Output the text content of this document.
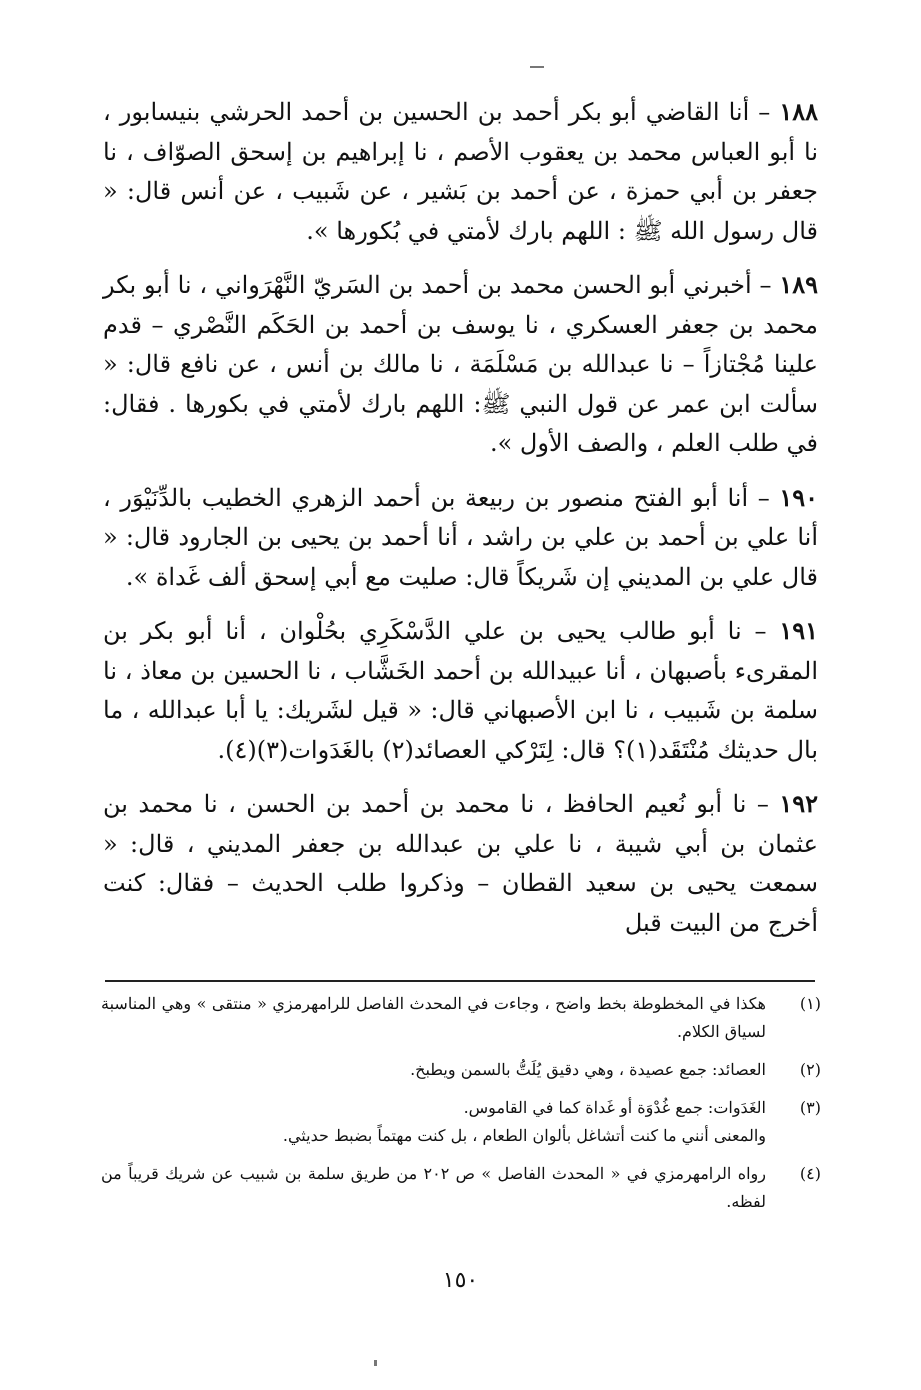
١٨٨ – أنا القاضي أبو بكر أحمد بن الحسين بن أحمد الحرشي بنيسابور ، نا أبو العباس محمد بن يعقوب الأصم ، نا إبراهيم بن إسحق الصوّاف ، نا جعفر بن أبي حمزة ، عن أحمد بن بَشير ، عن شَبيب ، عن أنس قال: « قال رسول الله ﷺ : اللهم بارك لأمتي في بُكورها ».

١٨٩ – أخبرني أبو الحسن محمد بن أحمد بن السَريّ النَّهْرَواني ، نا أبو بكر محمد بن جعفر العسكري ، نا يوسف بن أحمد بن الحَكَم النَّصْري – قدم علينا مُجْتازاً – نا عبدالله بن مَسْلَمَة ، نا مالك بن أنس ، عن نافع قال: « سألت ابن عمر عن قول النبي ﷺ: اللهم بارك لأمتي في بكورها . فقال: في طلب العلم ، والصف الأول ».

١٩٠ – أنا أبو الفتح منصور بن ربيعة بن أحمد الزهري الخطيب بالدِّنَيْوَر ، أنا علي بن أحمد بن علي بن راشد ، أنا أحمد بن يحيى بن الجارود قال: « قال علي بن المديني إن شَريكاً قال: صليت مع أبي إسحق ألف غَداة ».

١٩١ – نا أبو طالب يحيى بن علي الدَّسْكَرِي بحُلْوان ، أنا أبو بكر بن المقرىء بأصبهان ، أنا عبيدالله بن أحمد الخَشَّاب ، نا الحسين بن معاذ ، نا سلمة بن شَبيب ، نا ابن الأصبهاني قال: « قيل لشَريك: يا أبا عبدالله ، ما بال حديثك مُنْتَقَد(١)؟ قال: لِتَرْكي العصائد(٢) بالغَدَوات(٣)(٤).

١٩٢ – نا أبو نُعيم الحافظ ، نا محمد بن أحمد بن الحسن ، نا محمد بن عثمان بن أبي شيبة ، نا علي بن عبدالله بن جعفر المديني ، قال: « سمعت يحيى بن سعيد القطان – وذكروا طلب الحديث – فقال: كنت أخرج من البيت قبل

(١)
هكذا في المخطوطة بخط واضح ، وجاءت في المحدث الفاصل للرامهرمزي « منتقى » وهي المناسبة لسياق الكلام.
(٢)
العصائد: جمع عصيدة ، وهي دقيق يُلَتُّ بالسمن ويطبخ.
(٣)
الغَدَوات: جمع غُدْوَة أو غَداة كما في القاموس.
والمعنى أنني ما كنت أتشاغل بألوان الطعام ، بل كنت مهتماً بضبط حديثي.
(٤)
رواه الرامهرمزي في « المحدث الفاصل » ص ٢٠٢ من طريق سلمة بن شبيب عن شريك قريباً من لفظه.
١٥٠
